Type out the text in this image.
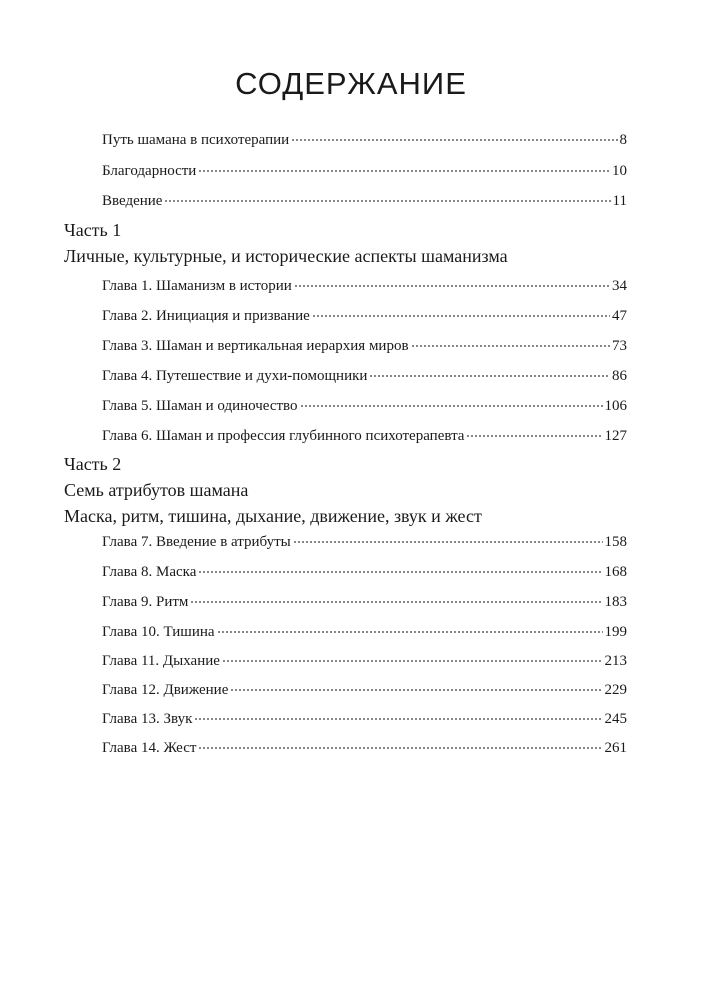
СОДЕРЖАНИЕ
Путь шамана в психотерапии	8
Благодарности	10
Введение	11
Часть 1
Личные, культурные, и исторические аспекты шаманизма
Глава 1. Шаманизм в истории	34
Глава 2. Инициация и призвание	47
Глава 3. Шаман и вертикальная иерархия миров	73
Глава 4. Путешествие и духи-помощники	86
Глава 5. Шаман и одиночество	106
Глава 6. Шаман и профессия глубинного психотерапевта	127
Часть 2
Семь атрибутов шамана
Маска, ритм, тишина, дыхание, движение, звук и жест
Глава 7. Введение в атрибуты	158
Глава 8. Маска	168
Глава 9. Ритм	183
Глава 10. Тишина	199
Глава 11. Дыхание	213
Глава 12. Движение	229
Глава 13. Звук	245
Глава 14. Жест	261
